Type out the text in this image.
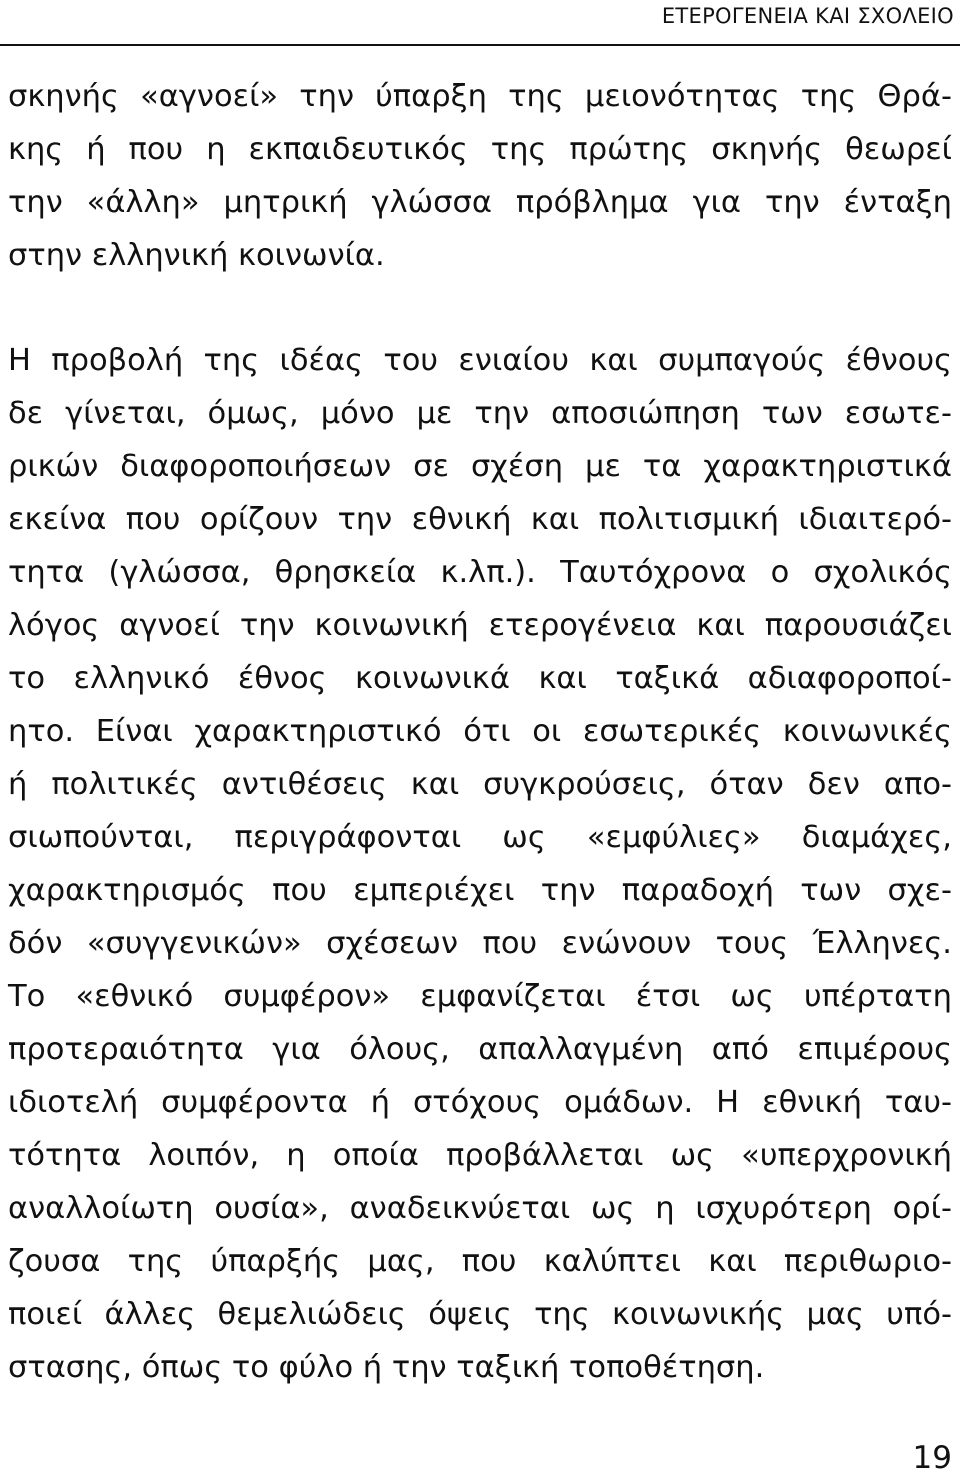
ΕΤΕΡΟΓΕΝΕΙΑ ΚΑΙ ΣΧΟΛΕΙΟ
σκηνής «αγνοεί» την ύπαρξη της μειονότητας της Θρά-
κης ή που η εκπαιδευτικός της πρώτης σκηνής θεωρεί
την «άλλη» μητρική γλώσσα πρόβλημα για την ένταξη
στην ελληνική κοινωνία.
Η προβολή της ιδέας του ενιαίου και συμπαγούς έθνους
δε γίνεται, όμως, μόνο με την αποσιώπηση των εσωτε-
ρικών διαφοροποιήσεων σε σχέση με τα χαρακτηριστικά
εκείνα που ορίζουν την εθνική και πολιτισμική ιδιαιτερό-
τητα (γλώσσα, θρησκεία κ.λπ.). Ταυτόχρονα ο σχολικός
λόγος αγνοεί την κοινωνική ετερογένεια και παρουσιάζει
το ελληνικό έθνος κοινωνικά και ταξικά αδιαφοροποί-
ητο. Είναι χαρακτηριστικό ότι οι εσωτερικές κοινωνικές
ή πολιτικές αντιθέσεις και συγκρούσεις, όταν δεν απο-
σιωπούνται, περιγράφονται ως «εμφύλιες» διαμάχες,
χαρακτηρισμός που εμπεριέχει την παραδοχή των σχε-
δόν «συγγενικών» σχέσεων που ενώνουν τους Έλληνες.
Το «εθνικό συμφέρον» εμφανίζεται έτσι ως υπέρτατη
προτεραιότητα για όλους, απαλλαγμένη από επιμέρους
ιδιοτελή συμφέροντα ή στόχους ομάδων. Η εθνική ταυ-
τότητα λοιπόν, η οποία προβάλλεται ως «υπερχρονική
αναλλοίωτη ουσία», αναδεικνύεται ως η ισχυρότερη ορί-
ζουσα της ύπαρξής μας, που καλύπτει και περιθωριο-
ποιεί άλλες θεμελιώδεις όψεις της κοινωνικής μας υπό-
στασης, όπως το φύλο ή την ταξική τοποθέτηση.
19
